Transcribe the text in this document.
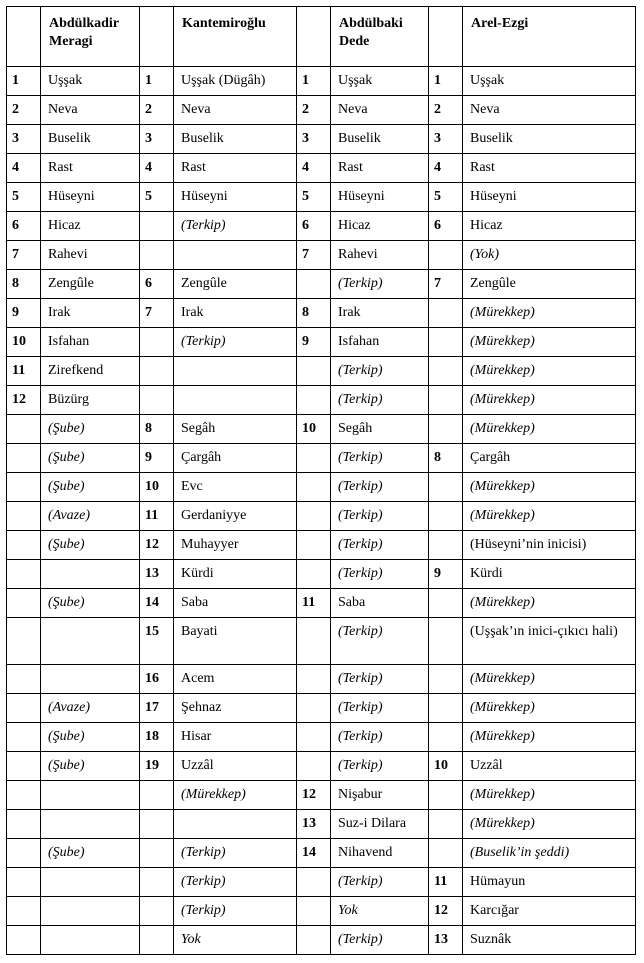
	Abdülkadir Meragi		Kantemiroğlu		Abdülbaki Dede		Arel-Ezgi
1	Uşşak	1	Uşşak (Dügâh)	1	Uşşak	1	Uşşak
2	Neva	2	Neva	2	Neva	2	Neva
3	Buselik	3	Buselik	3	Buselik	3	Buselik
4	Rast	4	Rast	4	Rast	4	Rast
5	Hüseyni	5	Hüseyni	5	Hüseyni	5	Hüseyni
6	Hicaz		(Terkip)	6	Hicaz	6	Hicaz
7	Rahevi			7	Rahevi		(Yok)
8	Zengûle	6	Zengûle		(Terkip)	7	Zengûle
9	Irak	7	Irak	8	Irak		(Mürekkep)
10	Isfahan		(Terkip)	9	Isfahan		(Mürekkep)
11	Zirefkend				(Terkip)		(Mürekkep)
12	Büzürg				(Terkip)		(Mürekkep)
	(Şube)	8	Segâh	10	Segâh		(Mürekkep)
	(Şube)	9	Çargâh		(Terkip)	8	Çargâh
	(Şube)	10	Evc		(Terkip)		(Mürekkep)
	(Avaze)	11	Gerdaniyye		(Terkip)		(Mürekkep)
	(Şube)	12	Muhayyer		(Terkip)		(Hüseyni’nin inicisi)
		13	Kürdi		(Terkip)	9	Kürdi
	(Şube)	14	Saba	11	Saba		(Mürekkep)
		15	Bayati		(Terkip)		(Uşşak’ın inici-çıkıcı hali)
		16	Acem		(Terkip)		(Mürekkep)
	(Avaze)	17	Şehnaz		(Terkip)		(Mürekkep)
	(Şube)	18	Hisar		(Terkip)		(Mürekkep)
	(Şube)	19	Uzzâl		(Terkip)	10	Uzzâl
			(Mürekkep)	12	Nişabur		(Mürekkep)
				13	Suz-i Dilara		(Mürekkep)
	(Şube)		(Terkip)	14	Nihavend		(Buselik’in şeddi)
			(Terkip)		(Terkip)	11	Hümayun
			(Terkip)		Yok	12	Karcığar
			Yok		(Terkip)	13	Suznâk
